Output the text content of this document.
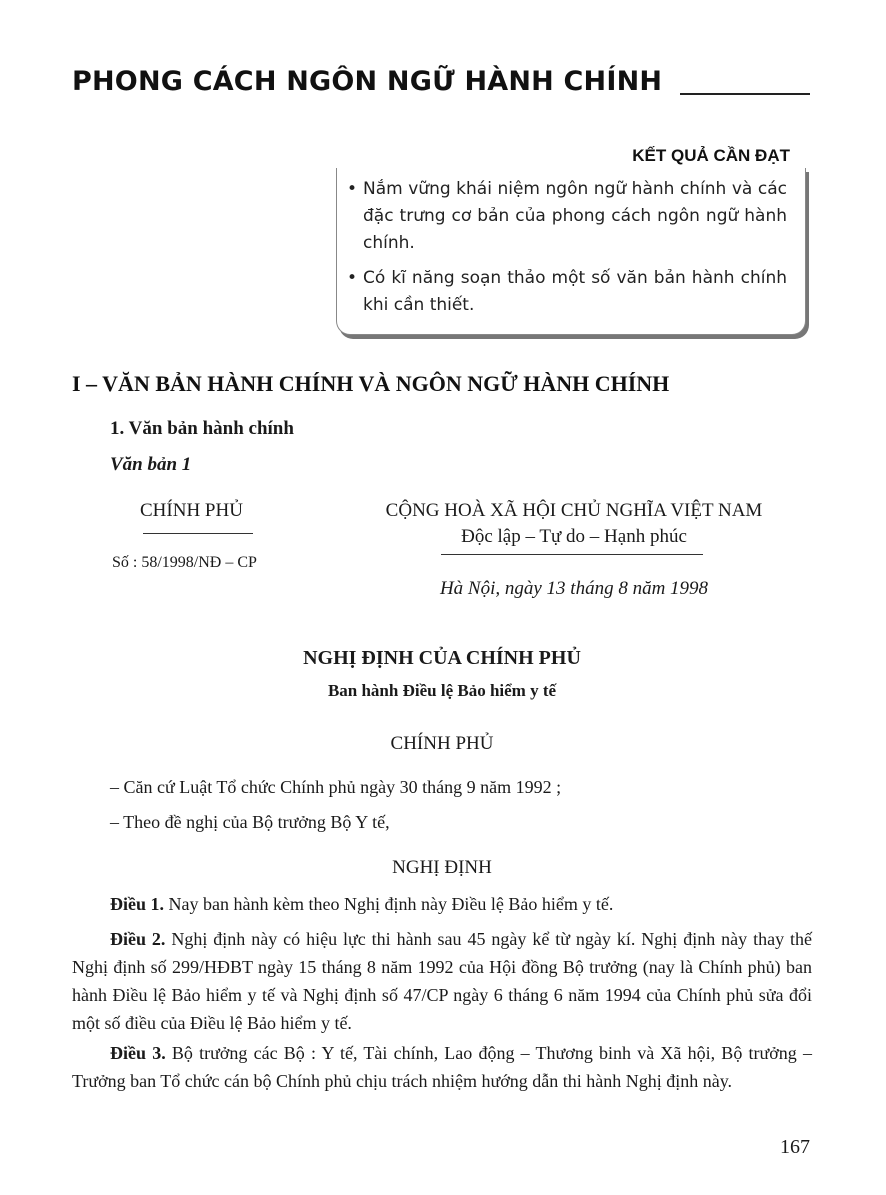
PHONG CÁCH NGÔN NGỮ HÀNH CHÍNH
KẾT QUẢ CẦN ĐẠT
• Nắm vững khái niệm ngôn ngữ hành chính và các đặc trưng cơ bản của phong cách ngôn ngữ hành chính.
• Có kĩ năng soạn thảo một số văn bản hành chính khi cần thiết.
I – VĂN BẢN HÀNH CHÍNH VÀ NGÔN NGỮ HÀNH CHÍNH
1. Văn bản hành chính
Văn bản 1
CHÍNH PHỦ
Số : 58/1998/NĐ – CP
CỘNG HOÀ XÃ HỘI CHỦ NGHĨA VIỆT NAM
Độc lập – Tự do – Hạnh phúc
Hà Nội, ngày 13 tháng 8 năm 1998
NGHỊ ĐỊNH CỦA CHÍNH PHỦ
Ban hành Điều lệ Bảo hiểm y tế
CHÍNH PHỦ
– Căn cứ Luật Tổ chức Chính phủ ngày 30 tháng 9 năm 1992 ;
– Theo đề nghị của Bộ trưởng Bộ Y tế,
NGHỊ ĐỊNH

Điều 1. Nay ban hành kèm theo Nghị định này Điều lệ Bảo hiểm y tế.

Điều 2. Nghị định này có hiệu lực thi hành sau 45 ngày kể từ ngày kí. Nghị định này thay thế Nghị định số 299/HĐBT ngày 15 tháng 8 năm 1992 của Hội đồng Bộ trưởng (nay là Chính phủ) ban hành Điều lệ Bảo hiểm y tế và Nghị định số 47/CP ngày 6 tháng 6 năm 1994 của Chính phủ sửa đổi một số điều của Điều lệ Bảo hiểm y tế.

Điều 3. Bộ trưởng các Bộ : Y tế, Tài chính, Lao động – Thương binh và Xã hội, Bộ trưởng – Trưởng ban Tổ chức cán bộ Chính phủ chịu trách nhiệm hướng dẫn thi hành Nghị định này.

167
